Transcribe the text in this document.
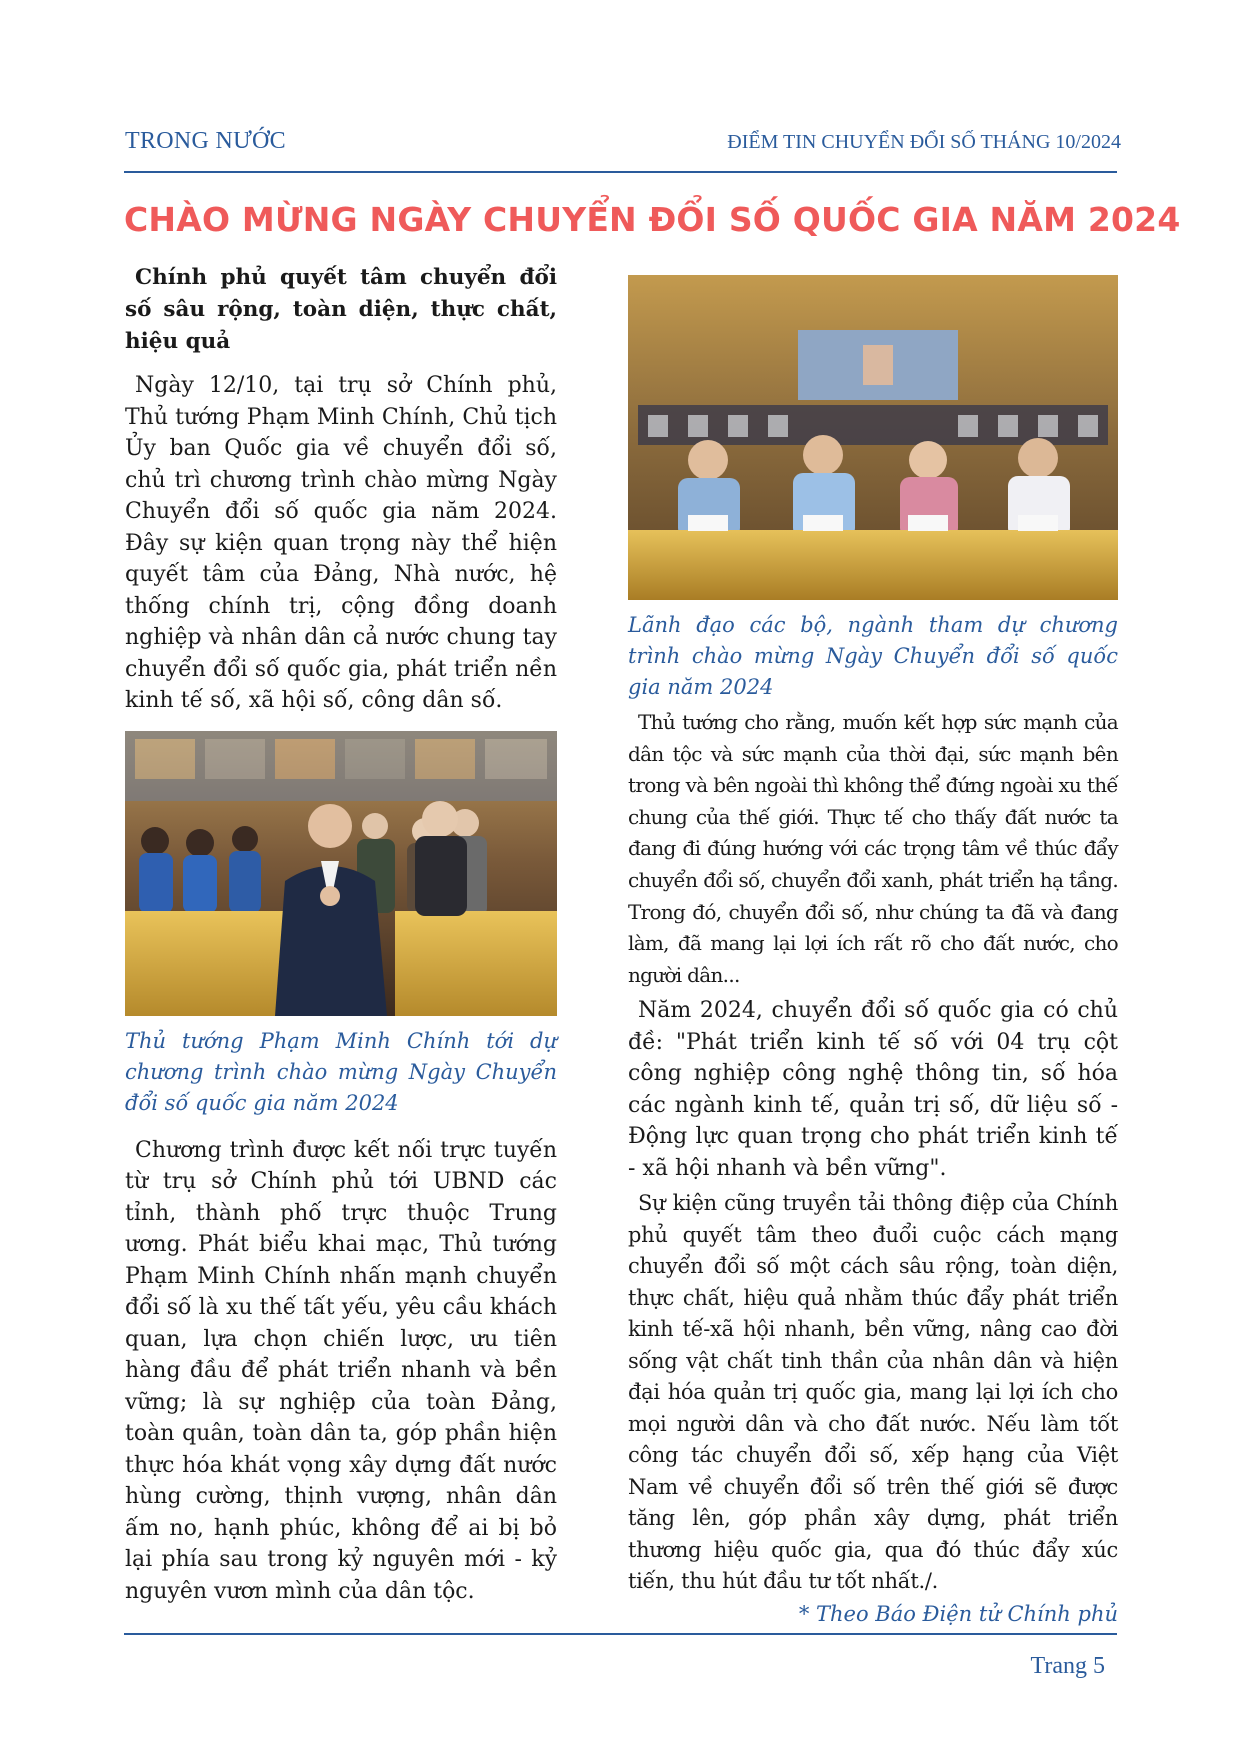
TRONG NƯỚC	ĐIỂM TIN CHUYỂN ĐỔI SỐ THÁNG 10/2024
CHÀO MỪNG NGÀY CHUYỂN ĐỔI SỐ QUỐC GIA NĂM 2024

Chính phủ quyết tâm chuyển đổi số sâu rộng, toàn diện, thực chất, hiệu quả

Ngày 12/10, tại trụ sở Chính phủ, Thủ tướng Phạm Minh Chính, Chủ tịch Ủy ban Quốc gia về chuyển đổi số, chủ trì chương trình chào mừng Ngày Chuyển đổi số quốc gia năm 2024. Đây sự kiện quan trọng này thể hiện quyết tâm của Đảng, Nhà nước, hệ thống chính trị, cộng đồng doanh nghiệp và nhân dân cả nước chung tay chuyển đổi số quốc gia, phát triển nền kinh tế số, xã hội số, công dân số.

Thủ tướng Phạm Minh Chính tới dự chương trình chào mừng Ngày Chuyển đổi số quốc gia năm 2024

Chương trình được kết nối trực tuyến từ trụ sở Chính phủ tới UBND các tỉnh, thành phố trực thuộc Trung ương. Phát biểu khai mạc, Thủ tướng Phạm Minh Chính nhấn mạnh chuyển đổi số là xu thế tất yếu, yêu cầu khách quan, lựa chọn chiến lược, ưu tiên hàng đầu để phát triển nhanh và bền vững; là sự nghiệp của toàn Đảng, toàn quân, toàn dân ta, góp phần hiện thực hóa khát vọng xây dựng đất nước hùng cường, thịnh vượng, nhân dân ấm no, hạnh phúc, không để ai bị bỏ lại phía sau trong kỷ nguyên mới - kỷ nguyên vươn mình của dân tộc.

Lãnh đạo các bộ, ngành tham dự chương trình chào mừng Ngày Chuyển đổi số quốc gia năm 2024

Thủ tướng cho rằng, muốn kết hợp sức mạnh của dân tộc và sức mạnh của thời đại, sức mạnh bên trong và bên ngoài thì không thể đứng ngoài xu thế chung của thế giới. Thực tế cho thấy đất nước ta đang đi đúng hướng với các trọng tâm về thúc đẩy chuyển đổi số, chuyển đổi xanh, phát triển hạ tầng. Trong đó, chuyển đổi số, như chúng ta đã và đang làm, đã mang lại lợi ích rất rõ cho đất nước, cho người dân...

Năm 2024, chuyển đổi số quốc gia có chủ đề: "Phát triển kinh tế số với 04 trụ cột công nghiệp công nghệ thông tin, số hóa các ngành kinh tế, quản trị số, dữ liệu số - Động lực quan trọng cho phát triển kinh tế - xã hội nhanh và bền vững".

Sự kiện cũng truyền tải thông điệp của Chính phủ quyết tâm theo đuổi cuộc cách mạng chuyển đổi số một cách sâu rộng, toàn diện, thực chất, hiệu quả nhằm thúc đẩy phát triển kinh tế-xã hội nhanh, bền vững, nâng cao đời sống vật chất tinh thần của nhân dân và hiện đại hóa quản trị quốc gia, mang lại lợi ích cho mọi người dân và cho đất nước. Nếu làm tốt công tác chuyển đổi số, xếp hạng của Việt Nam về chuyển đổi số trên thế giới sẽ được tăng lên, góp phần xây dựng, phát triển thương hiệu quốc gia, qua đó thúc đẩy xúc tiến, thu hút đầu tư tốt nhất./.

* Theo Báo Điện tử Chính phủ
Trang 5
